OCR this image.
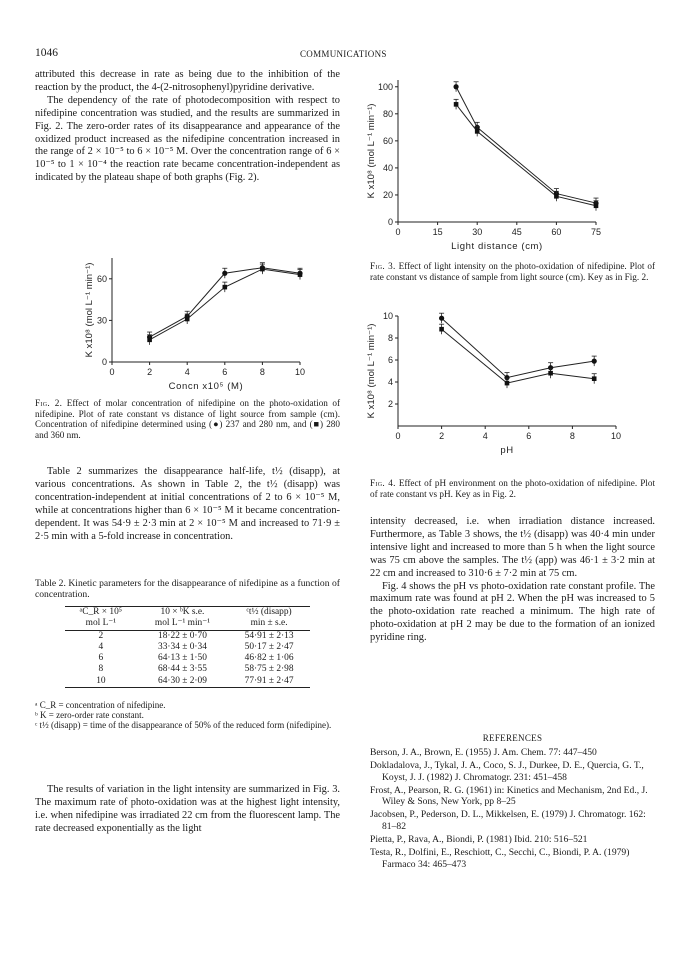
1046	COMMUNICATIONS

attributed this decrease in rate as being due to the inhibition of the reaction by the product, the 4-(2-nitrosophenyl)pyridine derivative.

The dependency of the rate of photodecomposition with respect to nifedipine concentration was studied, and the results are summarized in Fig. 2. The zero-order rates of its disappearance and appearance of the oxidized product increased as the nifedipine concentration increased in the range of 2 × 10⁻⁵ to 6 × 10⁻⁵ M. Over the concentration range of 6 × 10⁻⁵ to 1 × 10⁻⁴ the reaction rate became concentration-independent as indicated by the plateau shape of both graphs (Fig. 2).

0	2	4	6	8	10
0
30
60
Concn x10⁵ (M)
K x10⁸ (mol L⁻¹ min⁻¹)

Fig. 2. Effect of molar concentration of nifedipine on the photo-oxidation of nifedipine. Plot of rate constant vs distance of light source from sample (cm). Concentration of nifedipine determined using (●) 237 and 280 nm, and (■) 280 and 360 nm.

Table 2 summarizes the disappearance half-life, t½ (disapp), at various concentrations. As shown in Table 2, the t½ (disapp) was concentration-independent at initial concentrations of 2 to 6 × 10⁻⁵ M, while at concentrations higher than 6 × 10⁻⁵ M it became concentration-dependent. It was 54·9 ± 2·3 min at 2 × 10⁻⁵ M and increased to 71·9 ± 2·5 min with a 5-fold increase in concentration.

Table 2. Kinetic parameters for the disappearance of nifedipine as a function of concentration.

ᵃC_R × 10⁵	10 × ᵇK s.e.	ᶜt½ (disapp)
mol L⁻¹	mol L⁻¹ min⁻¹	min ± s.e.
2	18·22 ± 0·70	54·91 ± 2·13
4	33·34 ± 0·34	50·17 ± 2·47
6	64·13 ± 1·50	46·82 ± 1·06
8	68·44 ± 3·55	58·75 ± 2·98
10	64·30 ± 2·09	77·91 ± 2·47

ᵃ C_R = concentration of nifedipine.

ᵇ K = zero-order rate constant.

ᶜ t½ (disapp) = time of the disappearance of 50% of the reduced form (nifedipine).

The results of variation in the light intensity are summarized in Fig. 3. The maximum rate of photo-oxidation was at the highest light intensity, i.e. when nifedipine was irradiated 22 cm from the fluorescent lamp. The rate decreased exponentially as the light

0	15	30	45	60	75
0
20
40
60
80
100
Light distance (cm)
K x10⁸ (mol L⁻¹ min⁻¹)

Fig. 3. Effect of light intensity on the photo-oxidation of nifedipine. Plot of rate constant vs distance of sample from light source (cm). Key as in Fig. 2.

0	2	4	6	8	10
2
4
6
8
10
pH
K x10⁸ (mol L⁻¹ min⁻¹)

Fig. 4. Effect of pH environment on the photo-oxidation of nifedipine. Plot of rate constant vs pH. Key as in Fig. 2.

intensity decreased, i.e. when irradiation distance increased. Furthermore, as Table 3 shows, the t½ (disapp) was 40·4 min under intensive light and increased to more than 5 h when the light source was 75 cm above the samples. The t½ (app) was 46·1 ± 3·2 min at 22 cm and increased to 310·6 ± 7·2 min at 75 cm.

Fig. 4 shows the pH vs photo-oxidation rate constant profile. The maximum rate was found at pH 2. When the pH was increased to 5 the photo-oxidation rate reached a minimum. The high rate of photo-oxidation at pH 2 may be due to the formation of an ionized pyridine ring.

REFERENCES

Berson, J. A., Brown, E. (1955) J. Am. Chem. 77: 447–450

Dokladalova, J., Tykal, J. A., Coco, S. J., Durkee, D. E., Quercia, G. T., Koyst, J. J. (1982) J. Chromatogr. 231: 451–458

Frost, A., Pearson, R. G. (1961) in: Kinetics and Mechanism, 2nd Ed., J. Wiley & Sons, New York, pp 8–25

Jacobsen, P., Pederson, D. L., Mikkelsen, E. (1979) J. Chromatogr. 162: 81–82

Pietta, P., Rava, A., Biondi, P. (1981) Ibid. 210: 516–521

Testa, R., Dolfini, E., Reschiott, C., Secchi, C., Biondi, P. A. (1979) Farmaco 34: 465–473
